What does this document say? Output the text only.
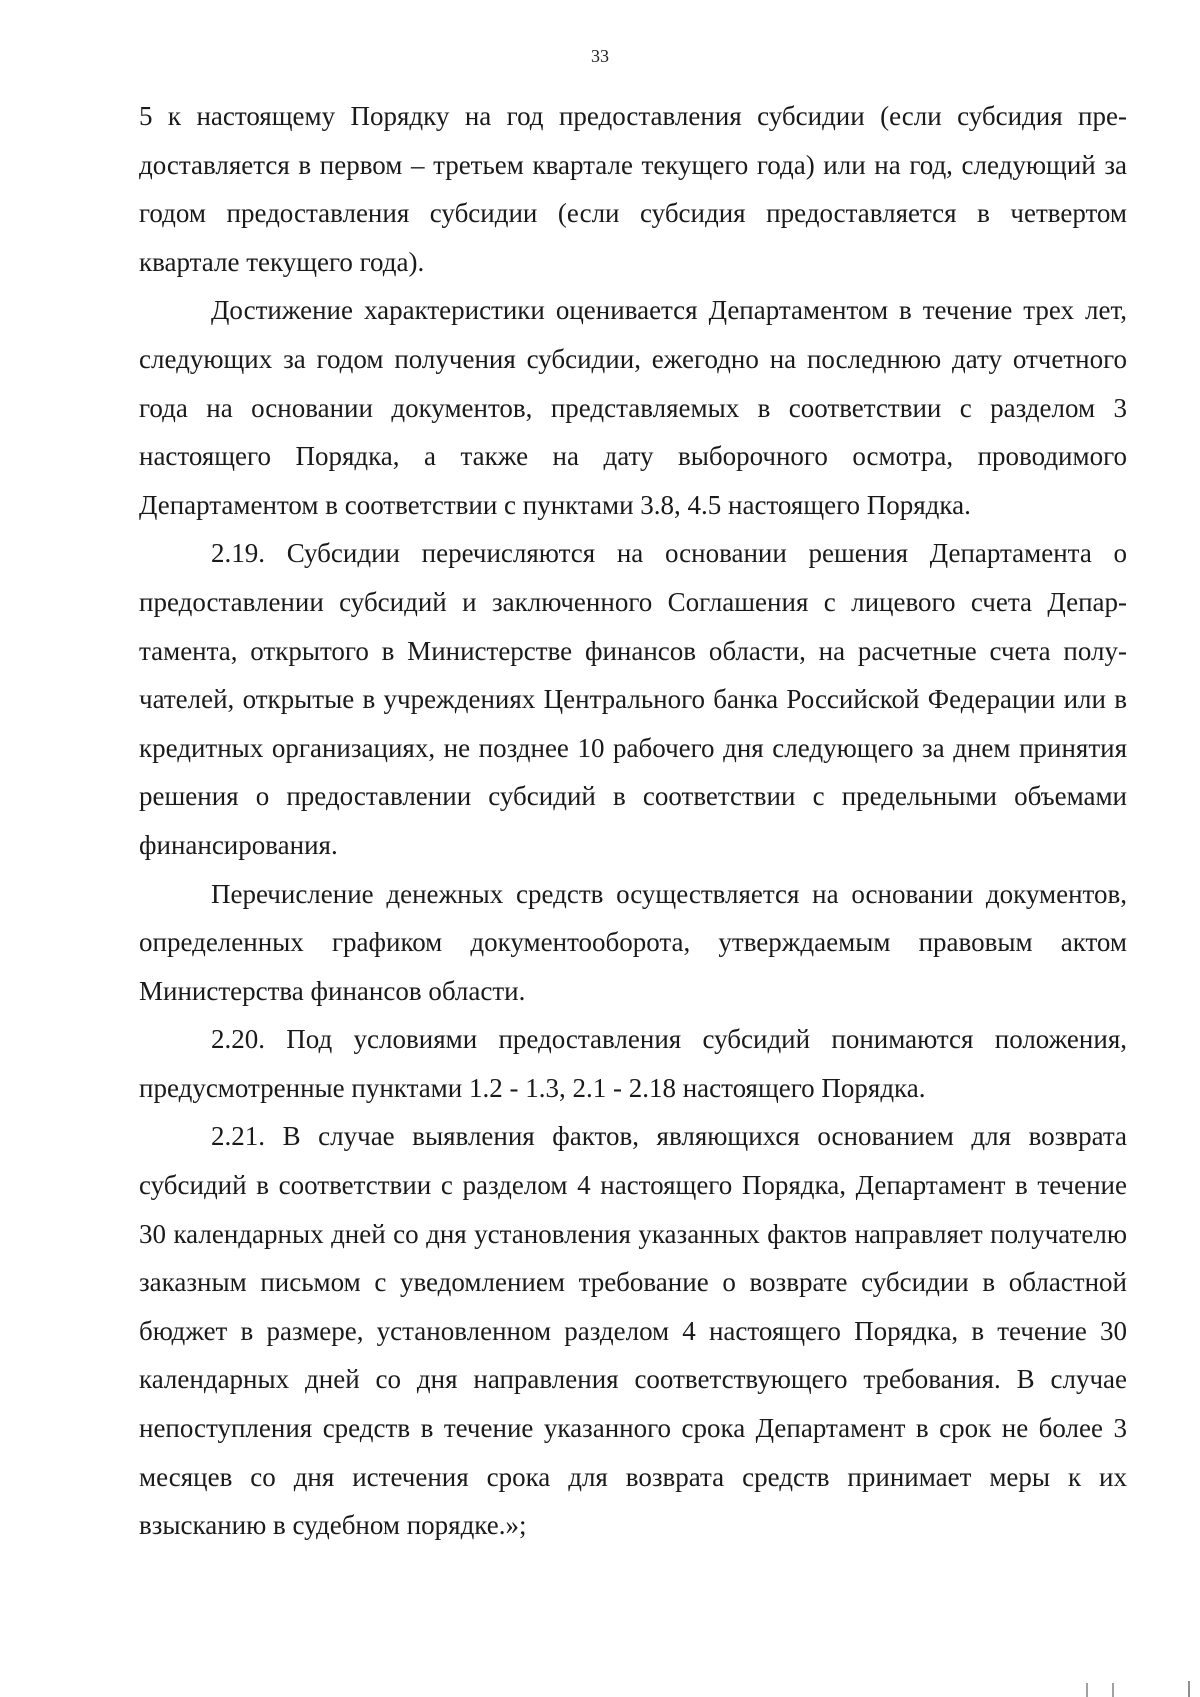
33

5 к настоящему Порядку на год предоставления субсидии (если субсидия предоставляется в первом – третьем квартале текущего года) или на год, следующий за годом предоставления субсидии (если субсидия предоставляется в четвертом квартале текущего года).

Достижение характеристики оценивается Департаментом в течение трех лет, следующих за годом получения субсидии, ежегодно на последнюю дату отчетного года на основании документов, представляемых в соответствии с разделом 3 настоящего Порядка, а также на дату выборочного осмотра, проводимого Департаментом в соответствии с пунктами 3.8, 4.5 настоящего Порядка.

2.19. Субсидии перечисляются на основании решения Департамента о предоставлении субсидий и заключенного Соглашения с лицевого счета Департамента, открытого в Министерстве финансов области, на расчетные счета получателей, открытые в учреждениях Центрального банка Российской Федерации или в кредитных организациях, не позднее 10 рабочего дня следующего за днем принятия решения о предоставлении субсидий в соответствии с предельными объемами финансирования.

Перечисление денежных средств осуществляется на основании документов, определенных графиком документооборота, утверждаемым правовым актом Министерства финансов области.

2.20. Под условиями предоставления субсидий понимаются положения, предусмотренные пунктами 1.2 - 1.3, 2.1 - 2.18 настоящего Порядка.

2.21. В случае выявления фактов, являющихся основанием для возврата субсидий в соответствии с разделом 4 настоящего Порядка, Департамент в течение 30 календарных дней со дня установления указанных фактов направляет получателю заказным письмом с уведомлением требование о возврате субсидии в областной бюджет в размере, установленном разделом 4 настоящего Порядка, в течение 30 календарных дней со дня направления соответствующего требования. В случае непоступления средств в течение указанного срока Департамент в срок не более 3 месяцев со дня истечения срока для возврата средств принимает меры к их взысканию в судебном порядке.»;
